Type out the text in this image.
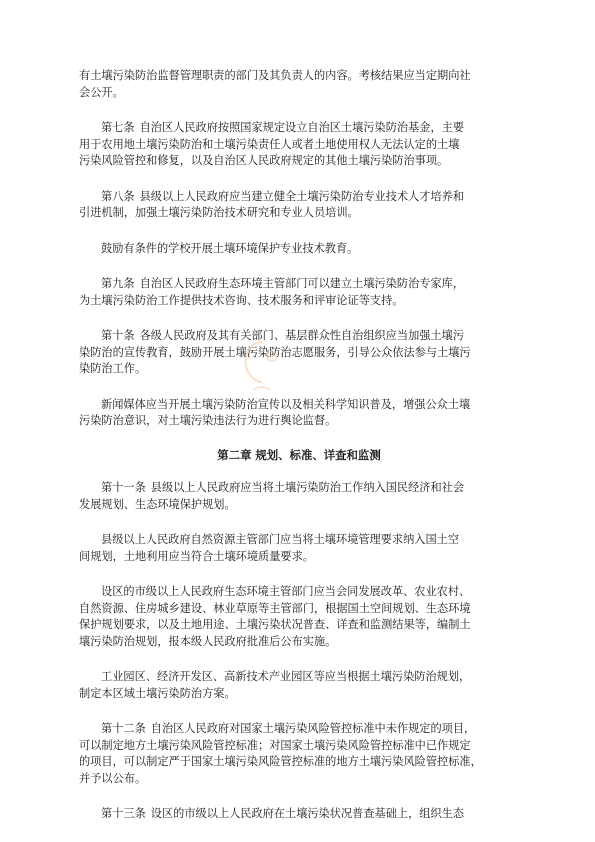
有土壤污染防治监督管理职责的部门及其负责人的内容。考核结果应当定期向社
会公开。

第七条 自治区人民政府按照国家规定设立自治区土壤污染防治基金，主要
用于农用地土壤污染防治和土壤污染责任人或者土地使用权人无法认定的土壤
污染风险管控和修复，以及自治区人民政府规定的其他土壤污染防治事项。

第八条 县级以上人民政府应当建立健全土壤污染防治专业技术人才培养和
引进机制，加强土壤污染防治技术研究和专业人员培训。

鼓励有条件的学校开展土壤环境保护专业技术教育。

第九条 自治区人民政府生态环境主管部门可以建立土壤污染防治专家库，
为土壤污染防治工作提供技术咨询、技术服务和评审论证等支持。

第十条 各级人民政府及其有关部门、基层群众性自治组织应当加强土壤污
染防治的宣传教育，鼓励开展土壤污染防治志愿服务，引导公众依法参与土壤污
染防治工作。

新闻媒体应当开展土壤污染防治宣传以及相关科学知识普及，增强公众土壤
污染防治意识，对土壤污染违法行为进行舆论监督。

第二章 规划、标准、详查和监测

第十一条 县级以上人民政府应当将土壤污染防治工作纳入国民经济和社会
发展规划、生态环境保护规划。

县级以上人民政府自然资源主管部门应当将土壤环境管理要求纳入国土空
间规划，土地利用应当符合土壤环境质量要求。

设区的市级以上人民政府生态环境主管部门应当会同发展改革、农业农村、
自然资源、住房城乡建设、林业草原等主管部门，根据国土空间规划、生态环境
保护规划要求，以及土地用途、土壤污染状况普查、详查和监测结果等，编制土
壤污染防治规划，报本级人民政府批准后公布实施。

工业园区、经济开发区、高新技术产业园区等应当根据土壤污染防治规划，
制定本区域土壤污染防治方案。

第十二条 自治区人民政府对国家土壤污染风险管控标准中未作规定的项目，
可以制定地方土壤污染风险管控标准；对国家土壤污染风险管控标准中已作规定
的项目，可以制定严于国家土壤污染风险管控标准的地方土壤污染风险管控标准，
并予以公布。

第十三条 设区的市级以上人民政府在土壤污染状况普查基础上，组织生态
